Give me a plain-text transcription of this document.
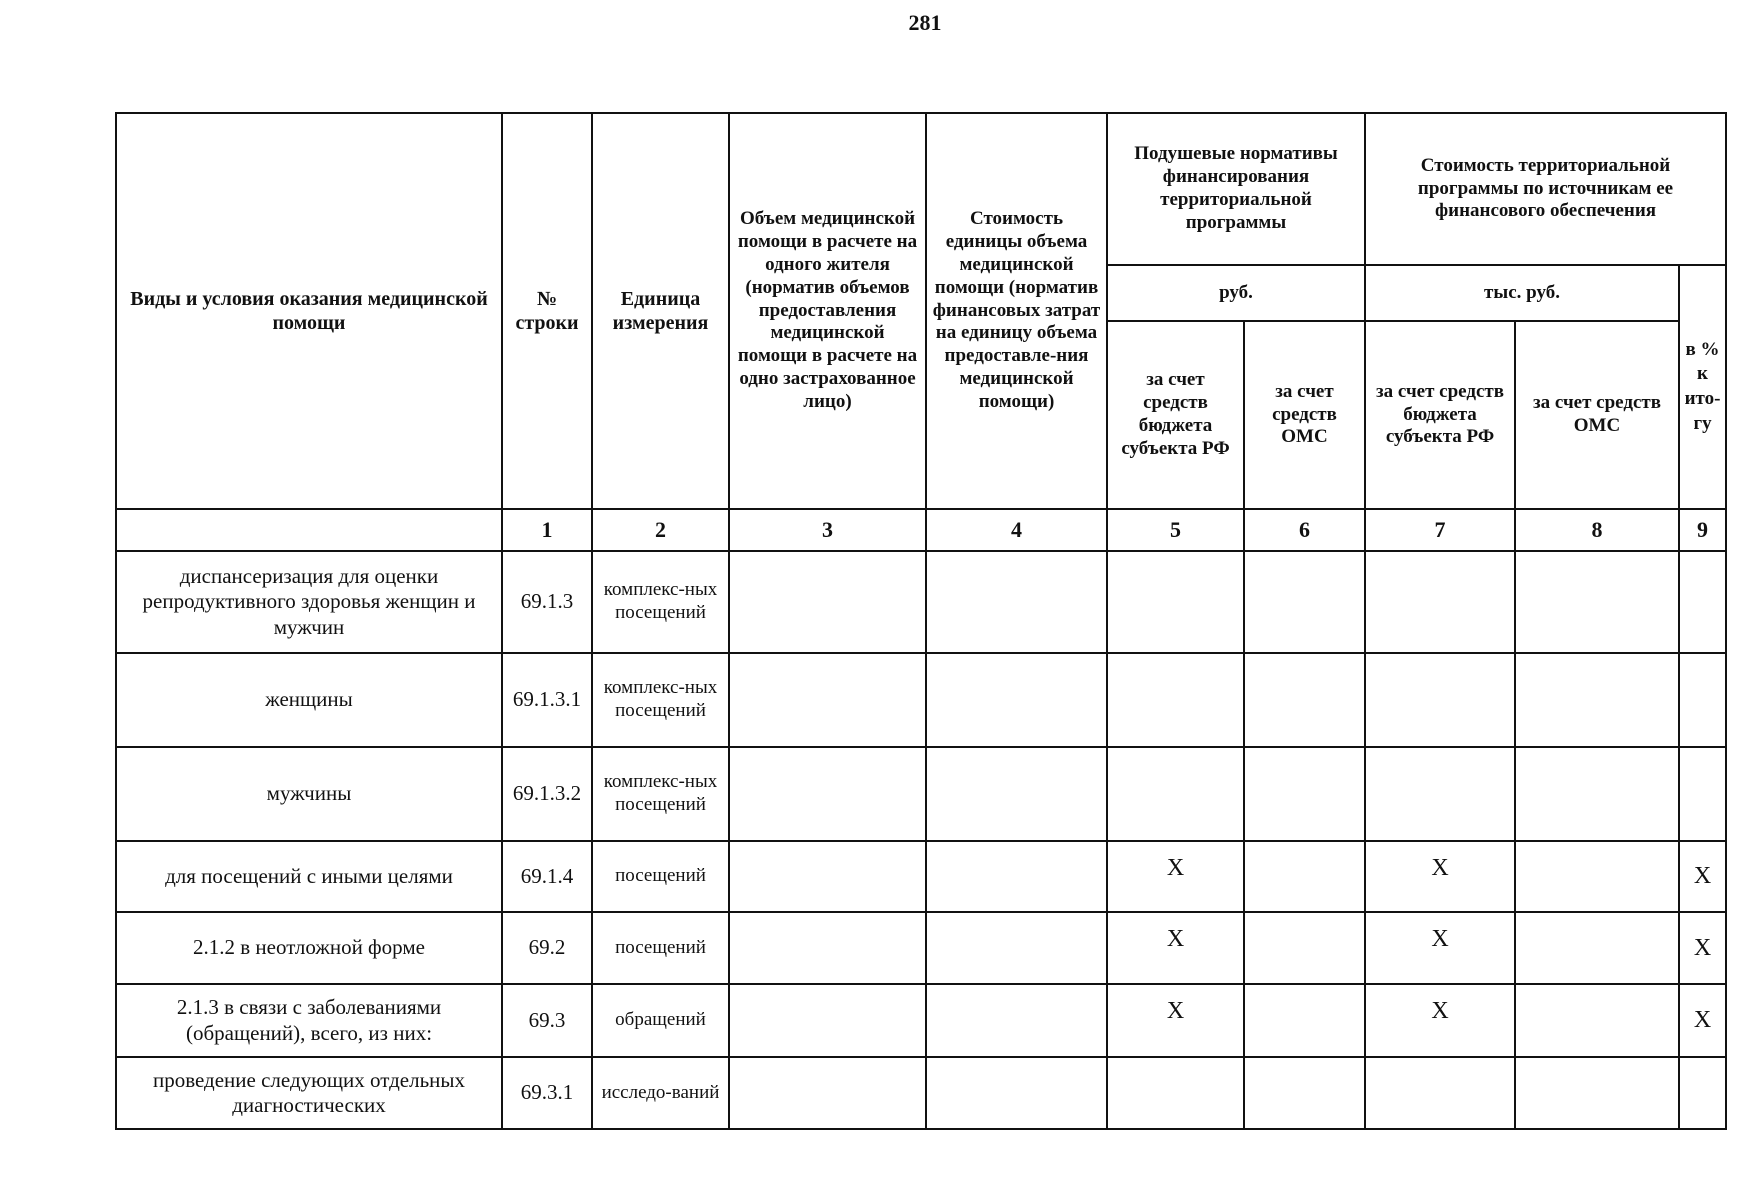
281
Виды и условия оказания медицинской помощи	№ строки	Единица измерения	Объем медицинской помощи в расчете на одного жителя (норматив объемов предоставления медицинской помощи в расчете на одно застрахованное лицо)	Стоимость единицы объема медицинской помощи (норматив финансовых затрат на единицу объема предоставле-ния медицинской помощи)	Подушевые нормативы финансирования территориальной программы		Стоимость территориальной программы по источникам ее финансового обеспечения		
					руб.		тыс. руб.		в % к ито-гу
					за счет средств бюджета субъекта РФ	за счет средств ОМС	за счет средств бюджета субъекта РФ	за счет средств ОМС	
	1	2	3	4	5	6	7	8	9
диспансеризация для оценки репродуктивного здоровья женщин и мужчин	69.1.3	комплекс-ных посещений							
женщины	69.1.3.1	комплекс-ных посещений							
мужчины	69.1.3.2	комплекс-ных посещений							
для посещений с иными целями	69.1.4	посещений			X		X		X
2.1.2 в неотложной форме	69.2	посещений			X		X		X
2.1.3 в связи с заболеваниями (обращений), всего, из них:	69.3	обращений			X		X		X
проведение следующих отдельных диагностических	69.3.1	исследо-ваний							
